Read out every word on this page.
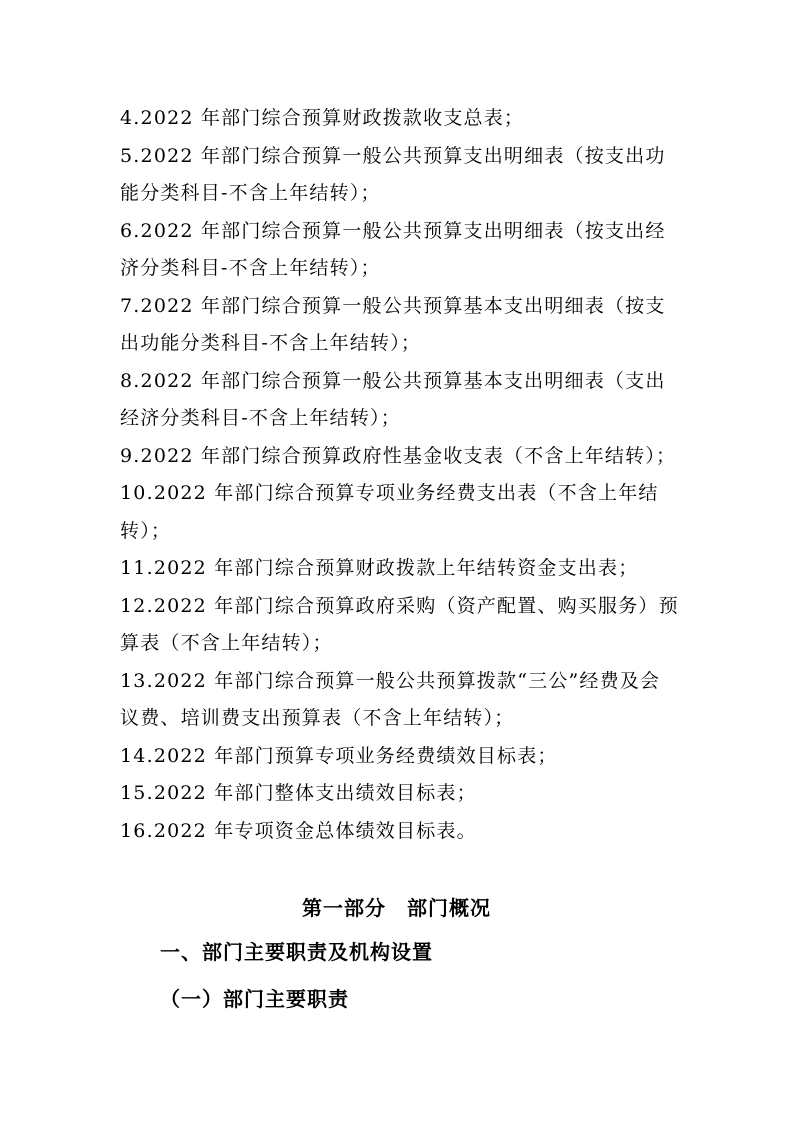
4.2022 年部门综合预算财政拨款收支总表；

5.2022 年部门综合预算一般公共预算支出明细表（按支出功能分类科目-不含上年结转）；

6.2022 年部门综合预算一般公共预算支出明细表（按支出经济分类科目-不含上年结转）；

7.2022 年部门综合预算一般公共预算基本支出明细表（按支出功能分类科目-不含上年结转）；

8.2022 年部门综合预算一般公共预算基本支出明细表（支出经济分类科目-不含上年结转）；

9.2022 年部门综合预算政府性基金收支表（不含上年结转）；

10.2022 年部门综合预算专项业务经费支出表（不含上年结转）；

11.2022 年部门综合预算财政拨款上年结转资金支出表；

12.2022 年部门综合预算政府采购（资产配置、购买服务）预算表（不含上年结转）；

13.2022 年部门综合预算一般公共预算拨款“三公”经费及会议费、培训费支出预算表（不含上年结转）；

14.2022 年部门预算专项业务经费绩效目标表；

15.2022 年部门整体支出绩效目标表；

16.2022 年专项资金总体绩效目标表。

第一部分　部门概况
一、部门主要职责及机构设置
（一）部门主要职责
